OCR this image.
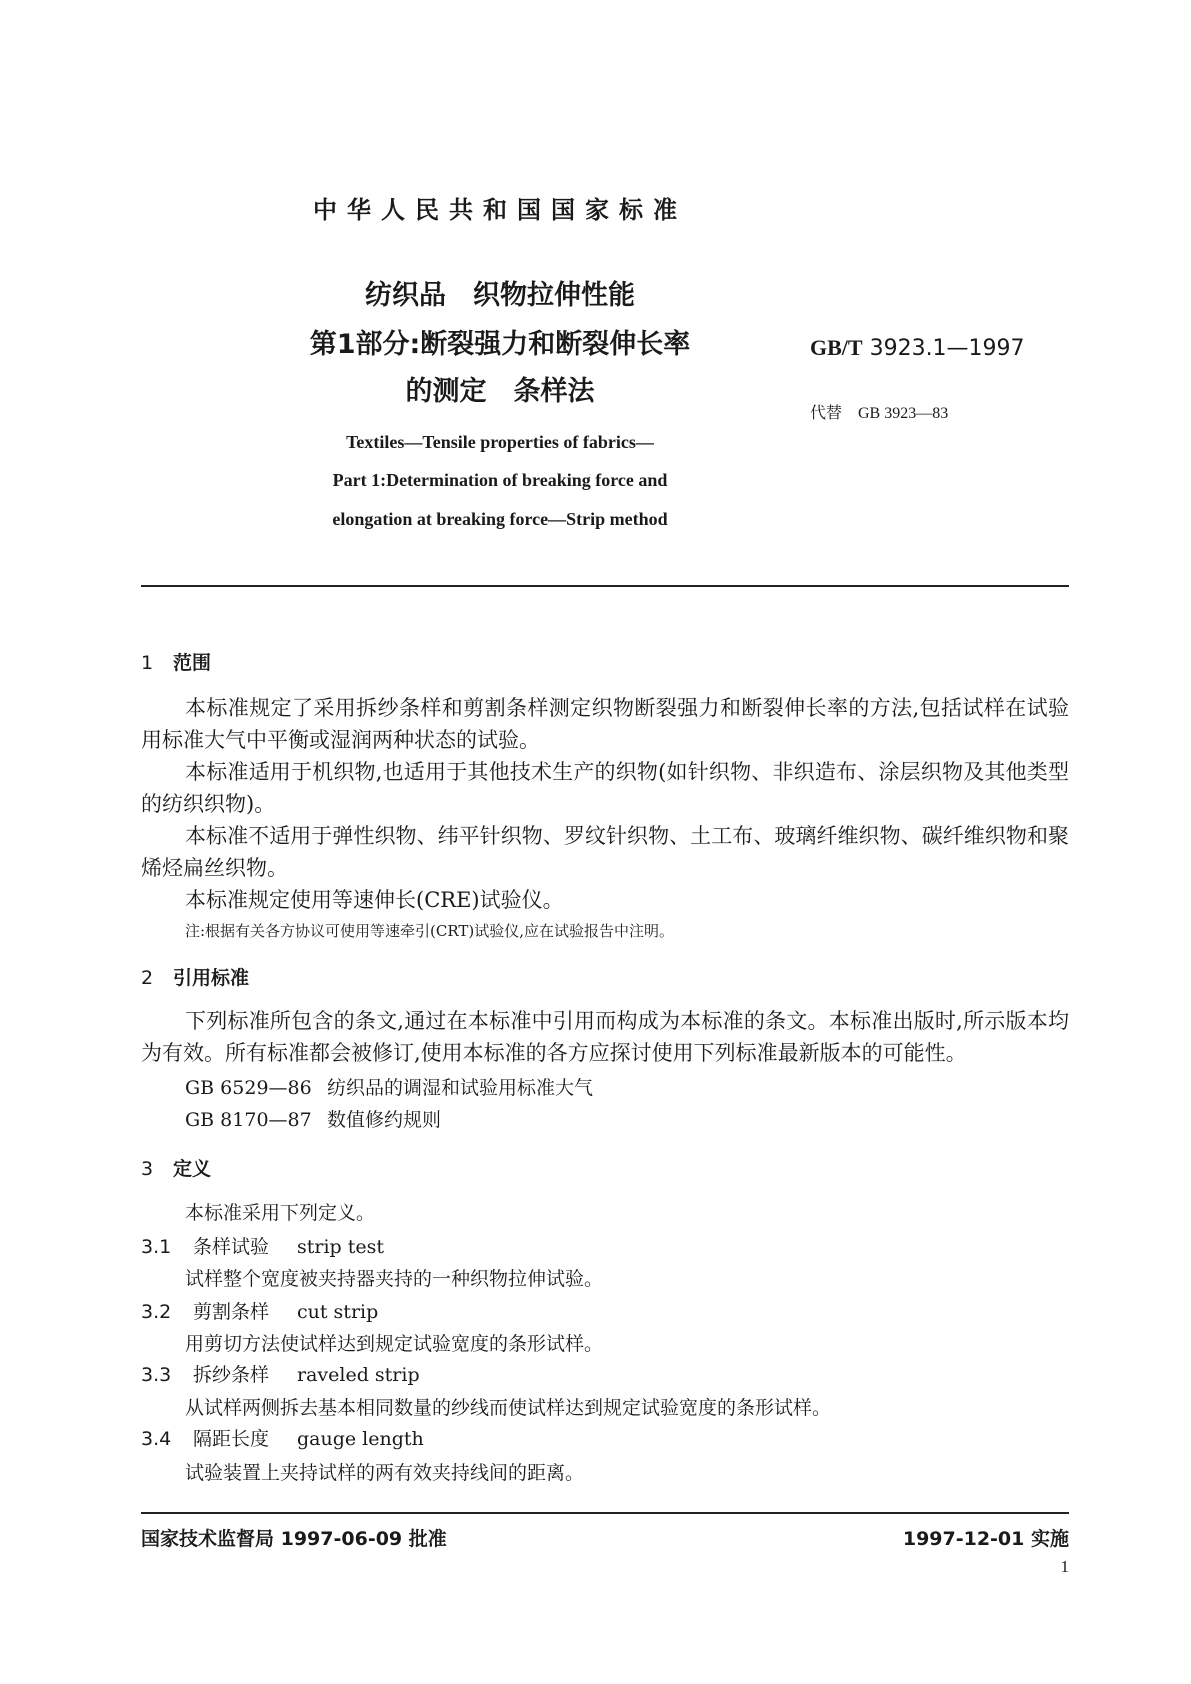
中华人民共和国国家标准
纺织品　织物拉伸性能
第1部分:断裂强力和断裂伸长率
的测定　条样法
GB/T 3923.1—1997
代替　GB 3923—83
Textiles—Tensile properties of fabrics—
Part 1:Determination of breaking force and
elongation at breaking force—Strip method
1 范围
本标准规定了采用拆纱条样和剪割条样测定织物断裂强力和断裂伸长率的方法,包括试样在试验用标准大气中平衡或湿润两种状态的试验。
本标准适用于机织物,也适用于其他技术生产的织物(如针织物、非织造布、涂层织物及其他类型的纺织织物)。
本标准不适用于弹性织物、纬平针织物、罗纹针织物、土工布、玻璃纤维织物、碳纤维织物和聚烯烃扁丝织物。
本标准规定使用等速伸长(CRE)试验仪。
注:根据有关各方协议可使用等速牵引(CRT)试验仪,应在试验报告中注明。
2 引用标准
下列标准所包含的条文,通过在本标准中引用而构成为本标准的条文。本标准出版时,所示版本均为有效。所有标准都会被修订,使用本标准的各方应探讨使用下列标准最新版本的可能性。
GB 6529—86 纺织品的调湿和试验用标准大气
GB 8170—87 数值修约规则
3 定义
本标准采用下列定义。
3.1 条样试验 strip test
试样整个宽度被夹持器夹持的一种织物拉伸试验。
3.2 剪割条样 cut strip
用剪切方法使试样达到规定试验宽度的条形试样。
3.3 拆纱条样 raveled strip
从试样两侧拆去基本相同数量的纱线而使试样达到规定试验宽度的条形试样。
3.4 隔距长度 gauge length
试验装置上夹持试样的两有效夹持线间的距离。
国家技术监督局 1997-06-09 批准	1997-12-01 实施
1
